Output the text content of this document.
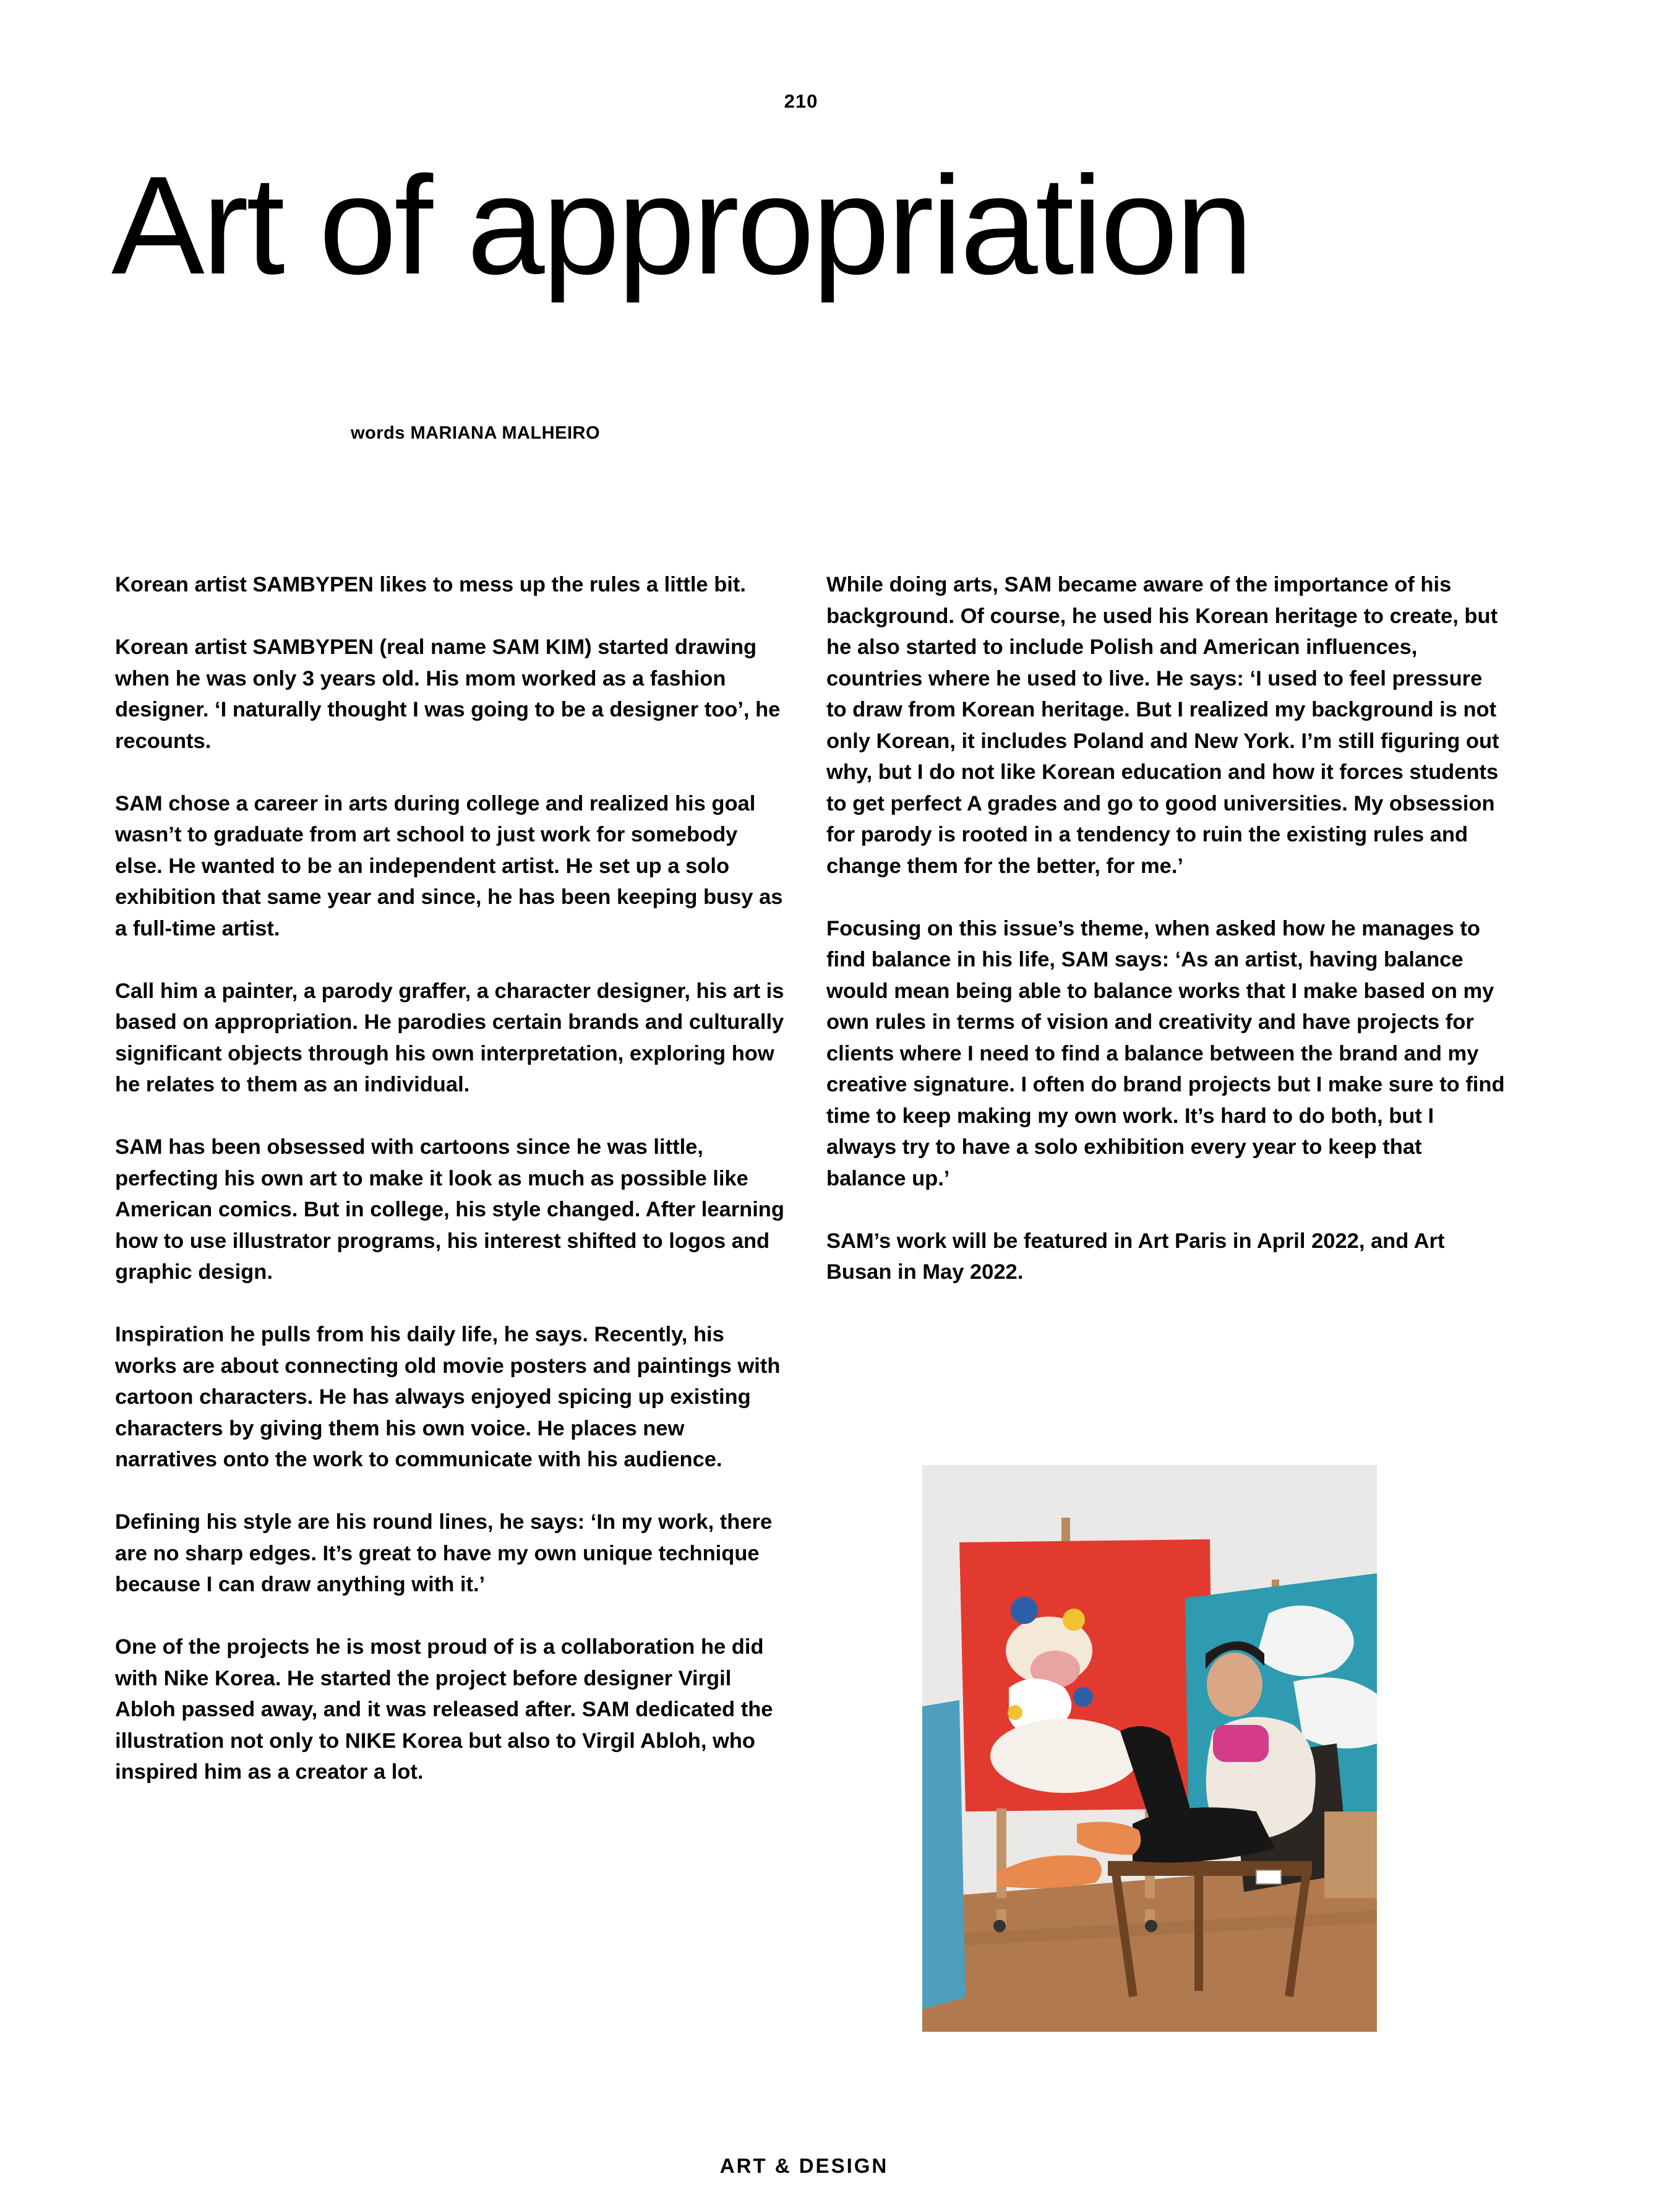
210
Art of appropriation
words MARIANA MALHEIRO

Korean artist SAMBYPEN likes to mess up the rules a little bit.

Korean artist SAMBYPEN (real name SAM KIM) started drawing when he was only 3 years old. His mom worked as a fashion designer. ‘I naturally thought I was going to be a designer too’, he recounts.

SAM chose a career in arts during college and realized his goal wasn’t to graduate from art school to just work for somebody else. He wanted to be an independent artist. He set up a solo exhibition that same year and since, he has been keeping busy as a full-time artist.

Call him a painter, a parody graffer, a character designer, his art is based on appropriation. He parodies certain brands and culturally significant objects through his own interpretation, exploring how he relates to them as an individual.

SAM has been obsessed with cartoons since he was little, perfecting his own art to make it look as much as possible like American comics. But in college, his style changed. After learning how to use illustrator programs, his interest shifted to logos and graphic design.

Inspiration he pulls from his daily life, he says. Recently, his works are about connecting old movie posters and paintings with cartoon characters. He has always enjoyed spicing up existing characters by giving them his own voice. He places new narratives onto the work to communicate with his audience.

Defining his style are his round lines, he says: ‘In my work, there are no sharp edges. It’s great to have my own unique technique because I can draw anything with it.’

One of the projects he is most proud of is a collaboration he did with Nike Korea. He started the project before designer Virgil Abloh passed away, and it was released after. SAM dedicated the illustration not only to NIKE Korea but also to Virgil Abloh, who inspired him as a creator a lot.

While doing arts, SAM became aware of the importance of his background. Of course, he used his Korean heritage to create, but he also started to include Polish and American influences, countries where he used to live. He says: ‘I used to feel pressure to draw from Korean heritage. But I realized my background is not only Korean, it includes Poland and New York. I’m still figuring out why, but I do not like Korean education and how it forces students to get perfect A grades and go to good universities. My obsession for parody is rooted in a tendency to ruin the existing rules and change them for the better, for me.’

Focusing on this issue’s theme, when asked how he manages to find balance in his life, SAM says: ‘As an artist, having balance would mean being able to balance works that I make based on my own rules in terms of vision and creativity and have projects for clients where I need to find a balance between the brand and my creative signature. I often do brand projects but I make sure to find time to keep making my own work. It’s hard to do both, but I always try to have a solo exhibition every year to keep that balance up.’

SAM’s work will be featured in Art Paris in April 2022, and Art Busan in May 2022.

ART & DESIGN
